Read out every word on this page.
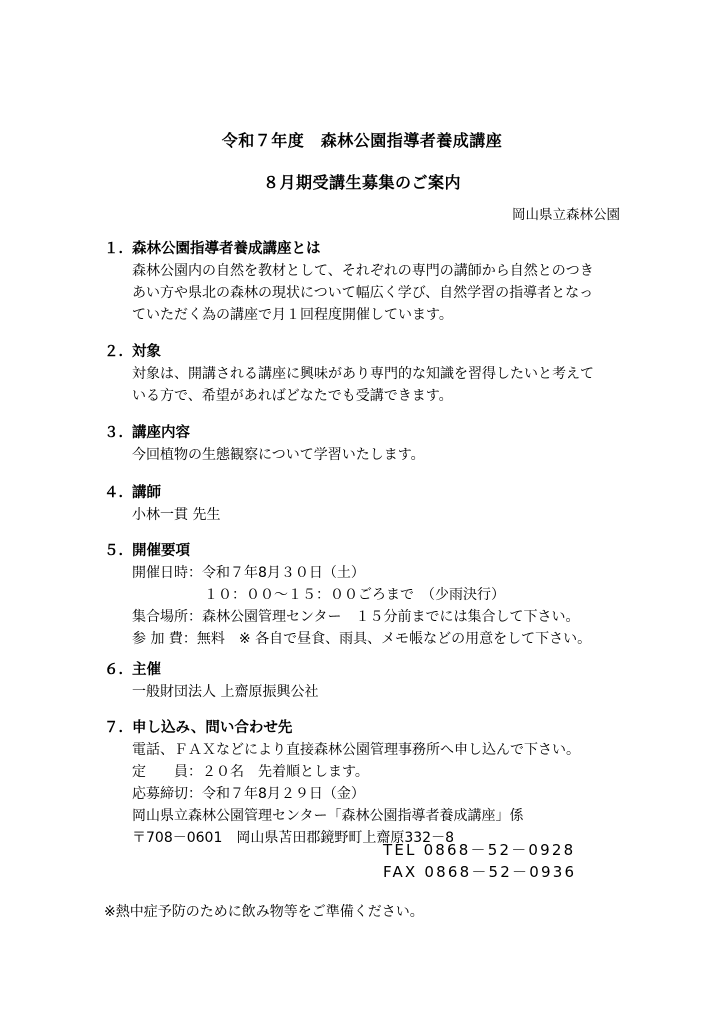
令和７年度　森林公園指導者養成講座
８月期受講生募集のご案内
岡山県立森林公園
１．森林公園指導者養成講座とは
森林公園内の自然を教材として、それぞれの専門の講師から自然とのつき
あい方や県北の森林の現状について幅広く学び、自然学習の指導者となっ
ていただく為の講座で月１回程度開催しています。
２．対象
対象は、開講される講座に興味があり専門的な知識を習得したいと考えて
いる方で、希望があればどなたでも受講できます。
３．講座内容
今回植物の生態観察について学習いたします。
４．講師
小林一貫 先生
５．開催要項
開催日時：令和７年8月３０日（土）
１０：００～１５：００ごろまで　（少雨決行）
集合場所：森林公園管理センター　１５分前までには集合して下さい。
参 加 費：無料　※ 各自で昼食、雨具、メモ帳などの用意をして下さい。
６．主催
一般財団法人 上齋原振興公社
７．申し込み、問い合わせ先
電話、ＦＡＸなどにより直接森林公園管理事務所へ申し込んで下さい。
定　　員：２０名　先着順とします。
応募締切：令和７年8月２９日（金）
岡山県立森林公園管理センター「森林公園指導者養成講座」係
〒708－0601　岡山県苫田郡鏡野町上齋原332－8
TEL 0868－52－0928
FAX 0868－52－0936
※熱中症予防のために飲み物等をご準備ください。
